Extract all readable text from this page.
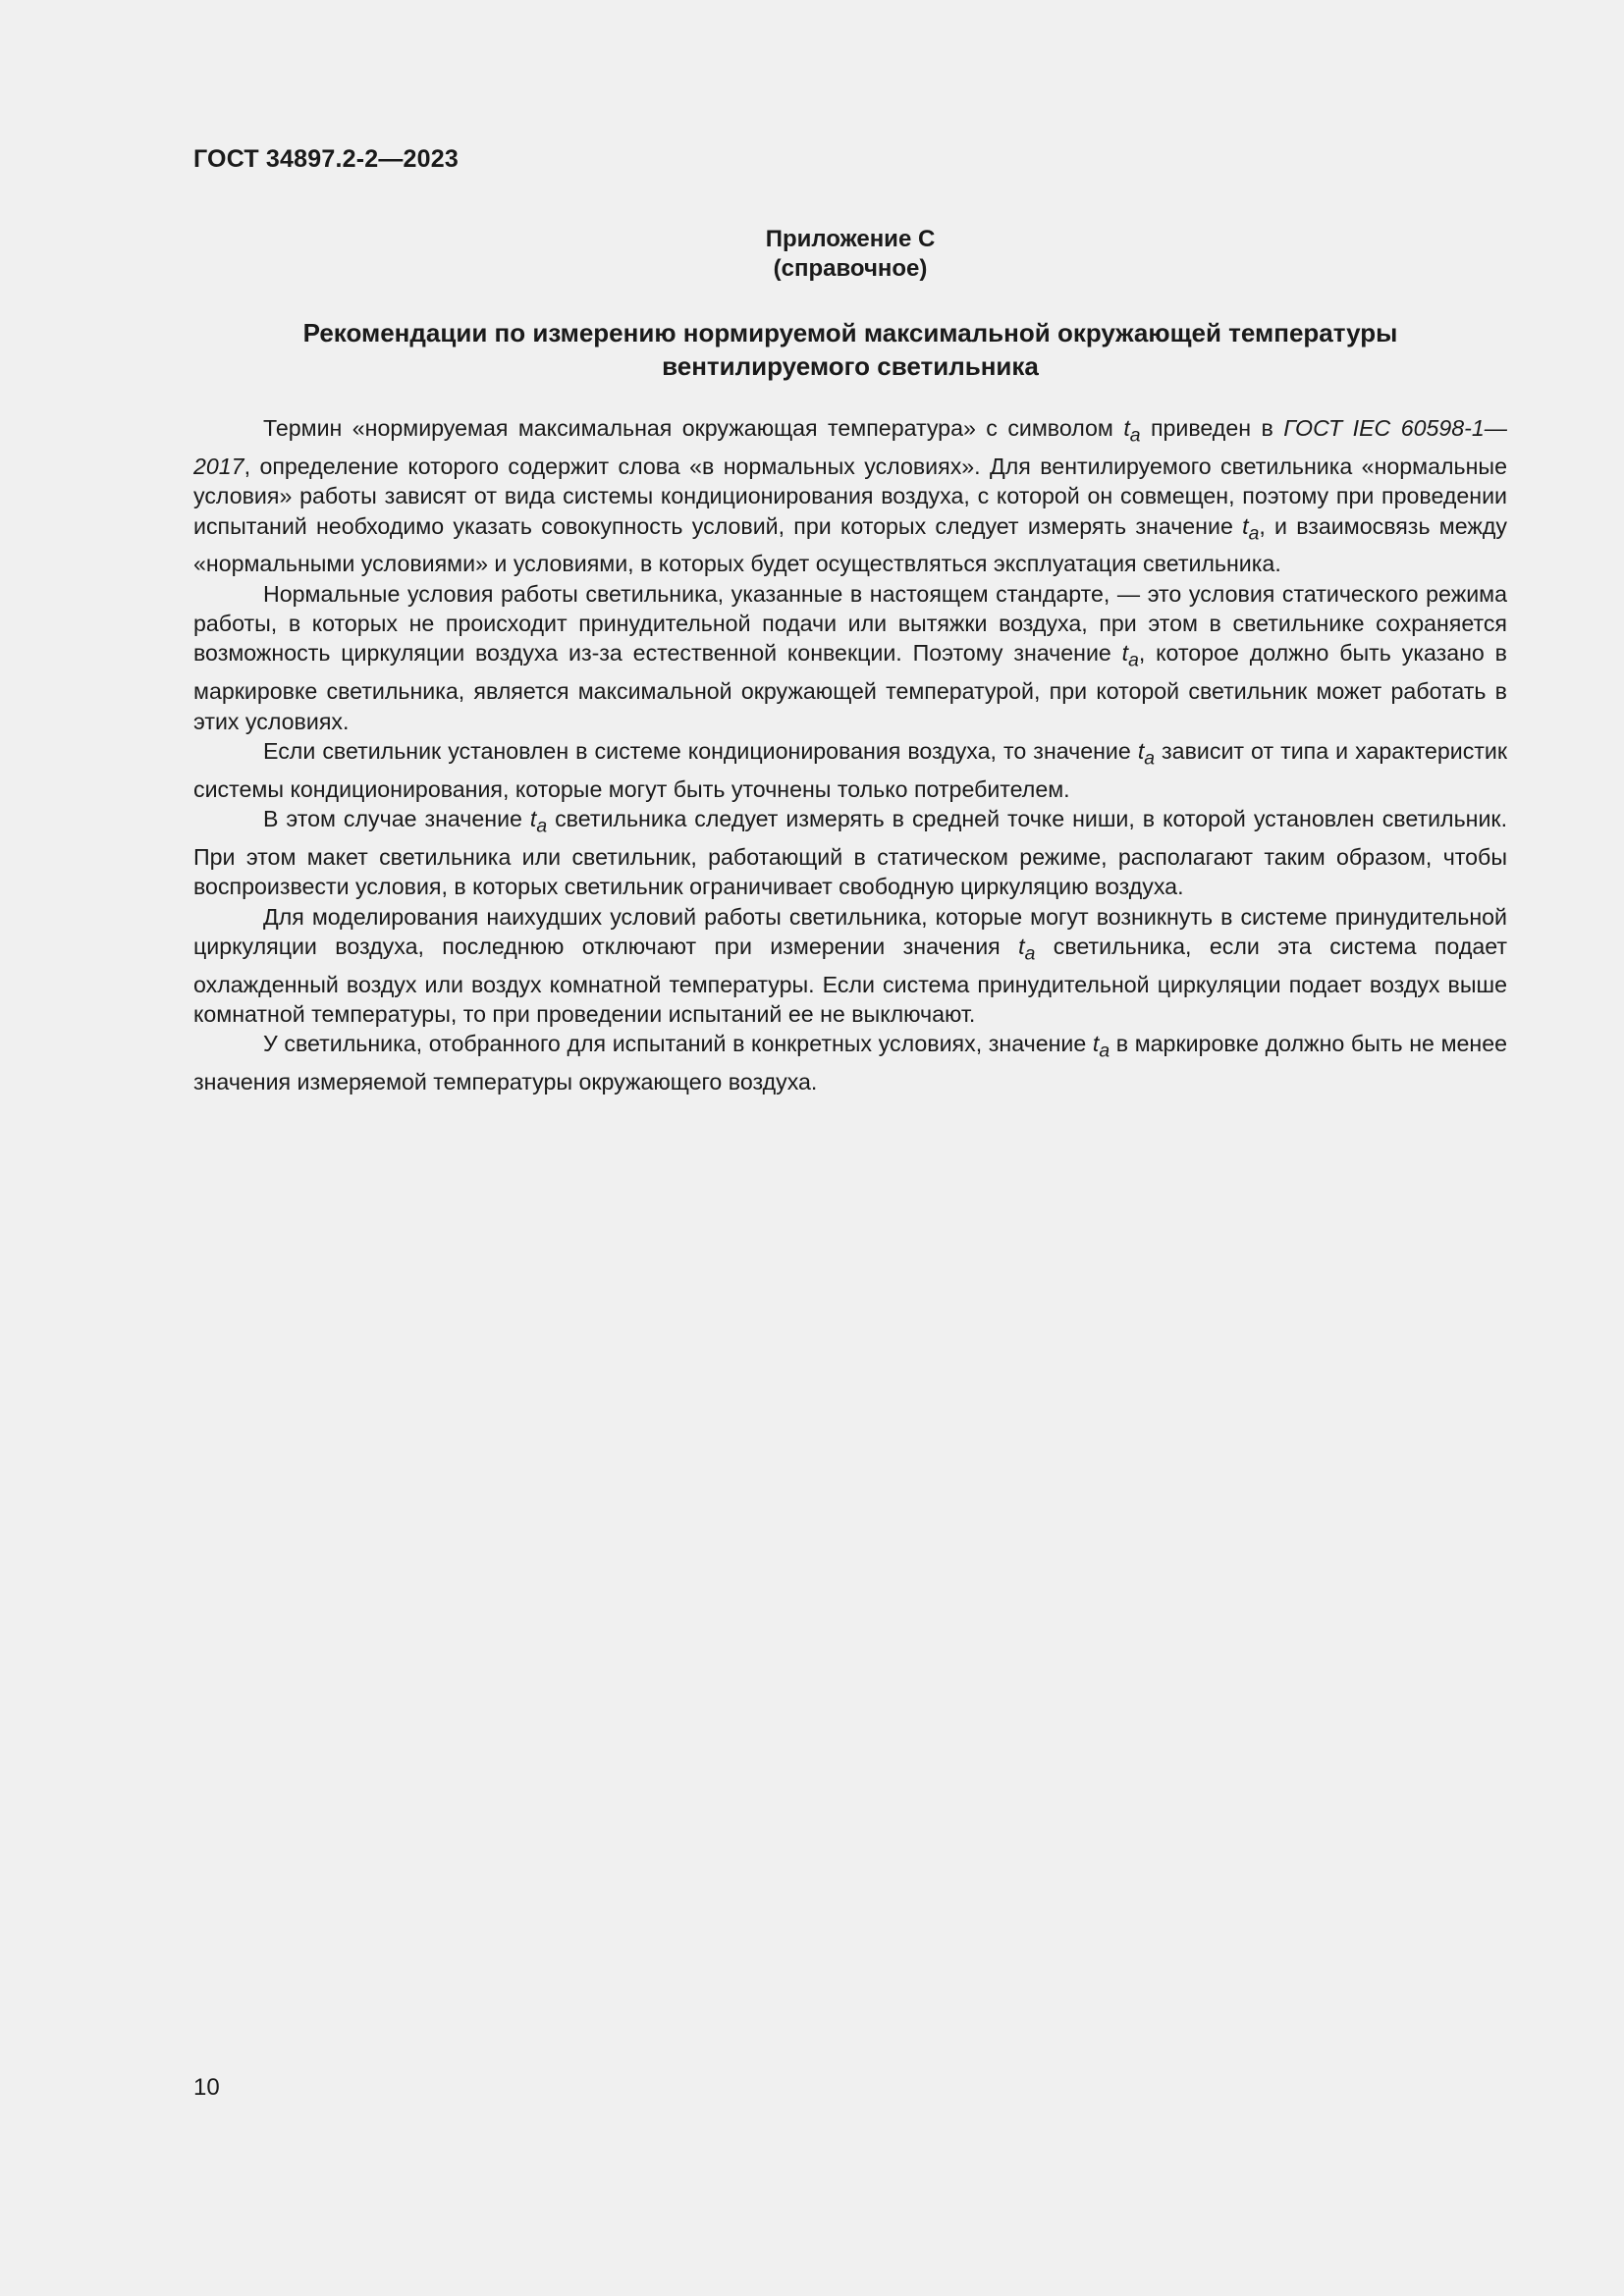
ГОСТ 34897.2-2—2023
Приложение С
(справочное)
Рекомендации по измерению нормируемой максимальной окружающей температуры
вентилируемого светильника

Термин «нормируемая максимальная окружающая температура» с символом $t_a$ приведен в ГОСТ IEC 60598-1—2017, определение которого содержит слова «в нормальных условиях». Для вентилируемого светильника «нормальные условия» работы зависят от вида системы кондиционирования воздуха, с которой он совмещен, поэтому при проведении испытаний необходимо указать совокупность условий, при которых следует измерять значение $t_a$, и взаимосвязь между «нормальными условиями» и условиями, в которых будет осуществляться эксплуатация светильника.

Нормальные условия работы светильника, указанные в настоящем стандарте, — это условия статического режима работы, в которых не происходит принудительной подачи или вытяжки воздуха, при этом в светильнике сохраняется возможность циркуляции воздуха из-за естественной конвекции. Поэтому значение $t_a$, которое должно быть указано в маркировке светильника, является максимальной окружающей температурой, при которой светильник может работать в этих условиях.

Если светильник установлен в системе кондиционирования воздуха, то значение $t_a$ зависит от типа и характеристик системы кондиционирования, которые могут быть уточнены только потребителем.

В этом случае значение $t_a$ светильника следует измерять в средней точке ниши, в которой установлен светильник. При этом макет светильника или светильник, работающий в статическом режиме, располагают таким образом, чтобы воспроизвести условия, в которых светильник ограничивает свободную циркуляцию воздуха.

Для моделирования наихудших условий работы светильника, которые могут возникнуть в системе принудительной циркуляции воздуха, последнюю отключают при измерении значения $t_a$ светильника, если эта система подает охлажденный воздух или воздух комнатной температуры. Если система принудительной циркуляции подает воздух выше комнатной температуры, то при проведении испытаний ее не выключают.

У светильника, отобранного для испытаний в конкретных условиях, значение $t_a$ в маркировке должно быть не менее значения измеряемой температуры окружающего воздуха.

10
